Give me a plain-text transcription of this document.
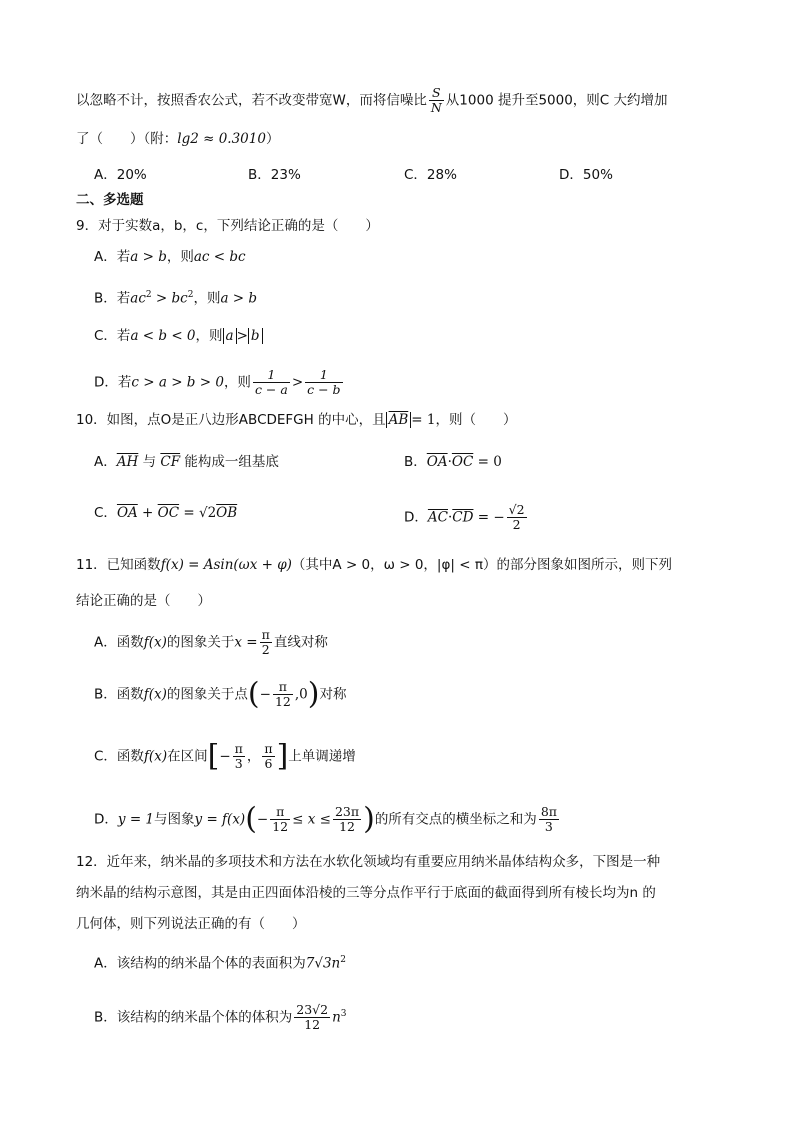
以忽略不计，按照香农公式，若不改变带宽W，而将信噪比 $\frac{S}{N}$ 从1000 提升至5000，则C 大约增加
了（　　）（附：lg2 ≈ 0.3010）
A．20%	B．23%	C．28%	D．50%
二、多选题
9．对于实数a，b，c，下列结论正确的是（　　）
A．若a > b，则ac < bc
B．若$ac^2 > bc^2$，则a > b
C．若a < b < 0，则 a > b
D．若c > a > b > 0，则 $\frac{1}{c - a} > \frac{1}{c - b}$
10．如图，点O是正八边形ABCDEFGH 的中心，且 $\overline{AB} = 1$，则（　　）
A．$\overline{AH}$ 与 $\overline{CF}$ 能构成一组基底	B．$\overline{OA}\cdot\overline{OC} = 0$
C．$\overline{OA} + \overline{OC} = √2\overline{OB}$	D．$\overline{AC}\cdot\overline{CD}$ = − $\frac{√2}{2}$
11．已知函数f(x) = Asin(ωx + φ)（其中A > 0，ω > 0，|φ| < π）的部分图象如图所示，则下列
结论正确的是（　　）
A．函数f(x)的图象关于$x = \frac{\pi}{2}$ 直线对称
B．函数f(x)的图象关于点(− $\frac{\pi}{12} ,0$)对称
C．函数f(x)在区间[− $\frac{\pi}{3}$ ， $\frac{\pi}{6}$ ]上单调递增
D．y = 1与图象$y = f(x)(- \frac{\pi}{12} \le x \le \frac{23\pi}{12}$ )的所有交点的横坐标之和为 $\frac{8\pi}{3}$
12．近年来，纳米晶的多项技术和方法在水软化领域均有重要应用纳米晶体结构众多，下图是一种
纳米晶的结构示意图，其是由正四面体沿棱的三等分点作平行于底面的截面得到所有棱长均为n 的
几何体，则下列说法正确的有（　　）
A．该结构的纳米晶个体的表面积为$7√3n^2$
B．该结构的纳米晶个体的体积为 $\frac{23√2}{12} n^3$
